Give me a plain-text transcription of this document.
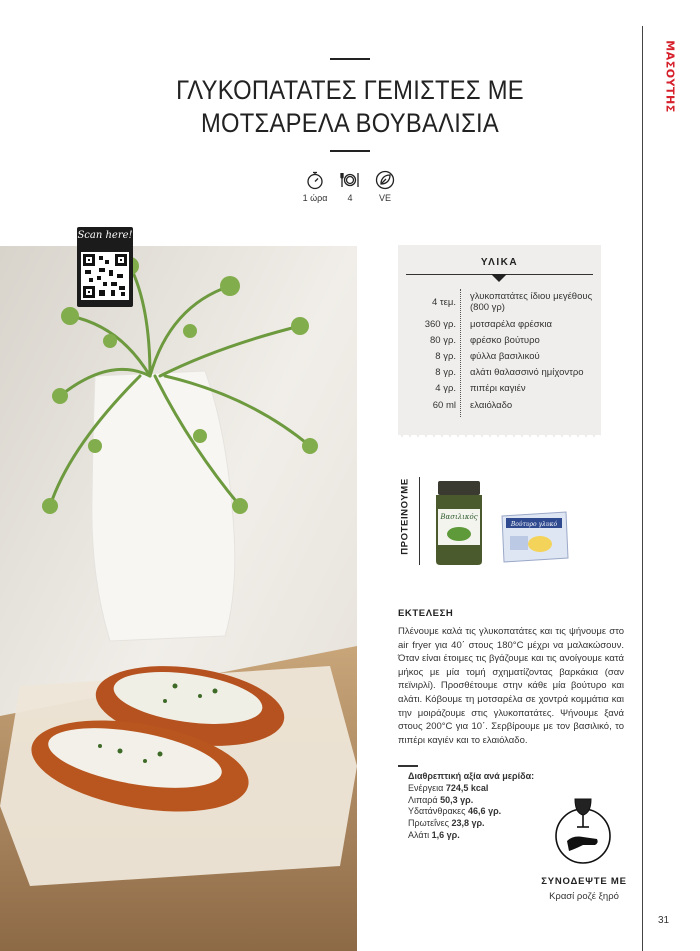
ΜΑΣΟΥΤΗΣ
ΓΛΥΚΟΠΑΤΑΤΕΣ ΓΕΜΙΣΤΕΣ ΜΕ
ΜΟΤΣΑΡΕΛΑ ΒΟΥΒΑΛΙΣΙΑ
1 ώρα 4	VE
Scan here!
ΥΛΙΚΑ
4 τεμ.
γλυκοπατάτες ίδιου μεγέθους (800 γρ)
360 γρ. μοτσαρέλα φρέσκια
80 γρ. φρέσκο βούτυρο
8 γρ. φύλλα βασιλικού
8 γρ. αλάτι θαλασσινό ημίχοντρο
4 γρ. πιπέρι καγιέν
60 ml ελαιόλαδο
ΠΡΟΤΕΙΝΟΥΜΕ	Βασιλικός
Βούτυρο γλυκό
ΕΚΤΕΛΕΣΗ
Πλένουμε καλά τις γλυκοπατάτες και τις ψήνουμε στο air fryer για 40΄ στους 180°C μέχρι να μαλακώσουν. Όταν είναι έτοιμες τις βγάζουμε και τις ανοίγουμε κατά μήκος με μία τομή σχηματίζοντας βαρκάκια (σαν πεϊνιρλί). Προσθέτουμε στην κάθε μία βούτυρο και αλάτι. Κόβουμε τη μοτσαρέλα σε χοντρά κομμάτια και την μοιράζουμε στις γλυκοπατάτες. Ψήνουμε ξανά στους 200°C για 10΄. Σερβίρουμε με τον βασιλικό, το πιπέρι καγιέν και το ελαιόλαδο.
Διαθρεπτική αξία ανά μερίδα:
Ενέργεια 724,5 kcal
Λιπαρά 50,3 γρ.
Υδατάνθρακες 46,6 γρ.
Πρωτεΐνες 23,8 γρ.
Αλάτι 1,6 γρ.
ΣΥΝΟΔΕΨΤΕ ΜΕ
Κρασί ροζέ ξηρό
31
